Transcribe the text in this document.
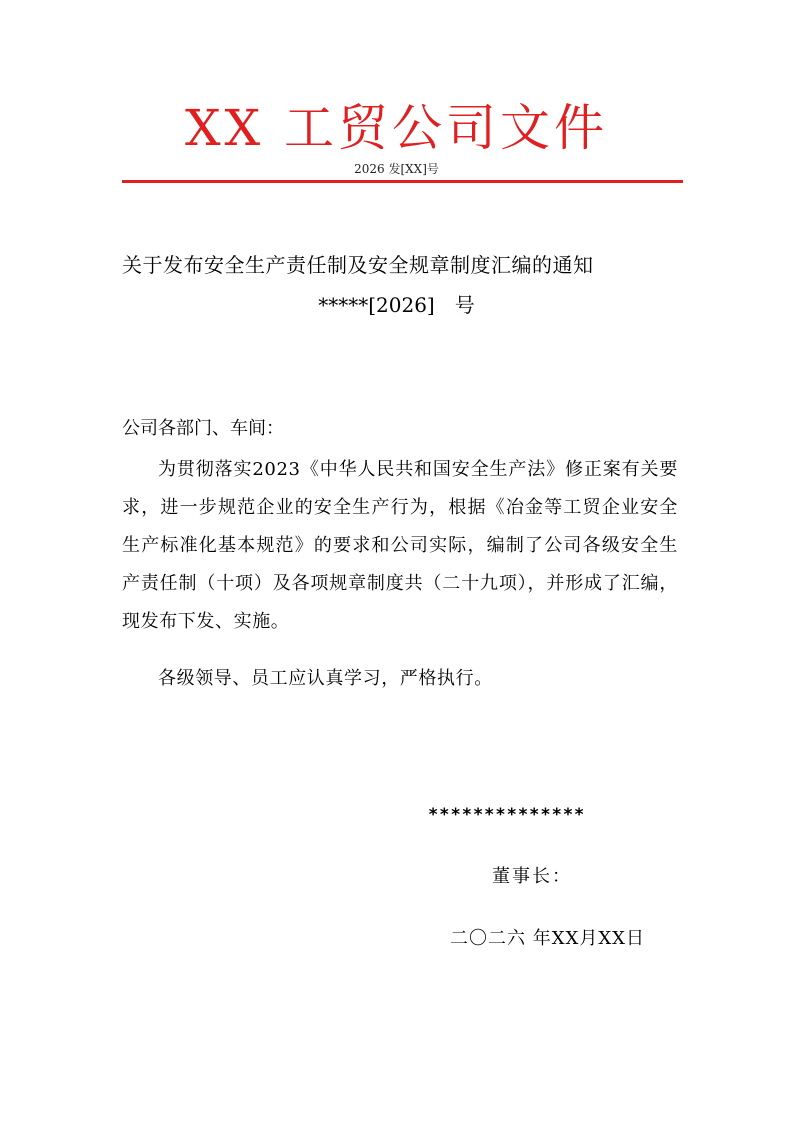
XX 工贸公司文件
2026 发[XX]号
关于发布安全生产责任制及安全规章制度汇编的通知
*****[2026]　号
公司各部门、车间：
为贯彻落实2023《中华人民共和国安全生产法》修正案有关要求，进一步规范企业的安全生产行为，根据《冶金等工贸企业安全生产标准化基本规范》的要求和公司实际，编制了公司各级安全生产责任制（十项）及各项规章制度共（二十九项），并形成了汇编，现发布下发、实施。
各级领导、员工应认真学习，严格执行。
**************
董事长：
二〇二六 年XX月XX日
